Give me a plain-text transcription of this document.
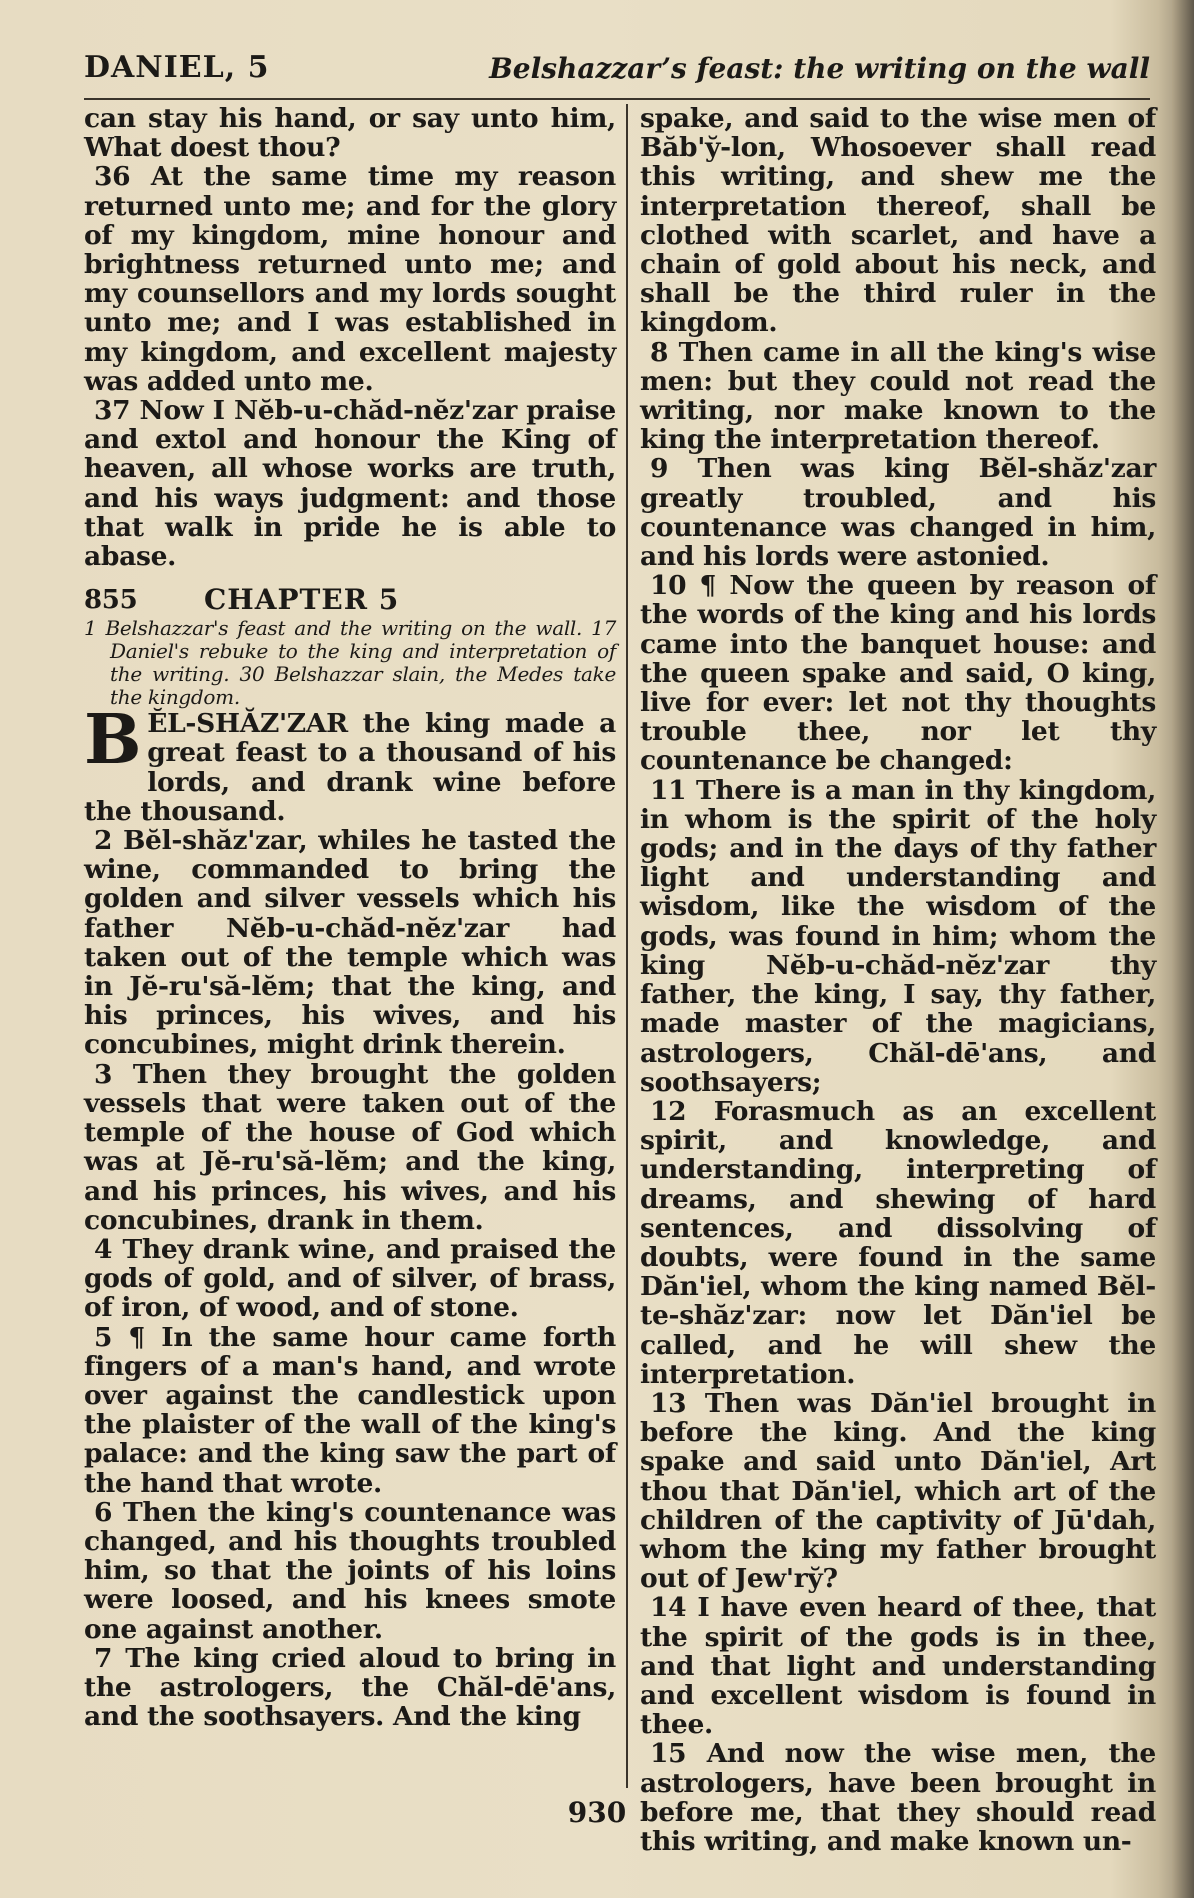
DANIEL, 5	Belshazzar’s feast: the writing on the wall

can stay his hand, or say unto him, What doest thou?

36 At the same time my reason returned unto me; and for the glory of my kingdom, mine honour and brightness returned unto me; and my counsellors and my lords sought unto me; and I was established in my kingdom, and excellent majesty was added unto me.

37 Now I Nĕb-u-chăd-nĕz'zar praise and extol and honour the King of heaven, all whose works are truth, and his ways judgment: and those that walk in pride he is able to abase.

855	CHAPTER 5

1 Belshazzar's feast and the writing on the wall. 17 Daniel's rebuke to the king and interpretation of the writing. 30 Belshazzar slain, the Medes take the kingdom.

BĔL-SHĂZ'ZAR the king made a great feast to a thousand of his lords, and drank wine before the thousand.

2 Bĕl-shăz'zar, whiles he tasted the wine, commanded to bring the golden and silver vessels which his father Nĕb-u-chăd-nĕz'zar had taken out of the temple which was in Jĕ-ru'să-lĕm; that the king, and his princes, his wives, and his concubines, might drink therein.

3 Then they brought the golden vessels that were taken out of the temple of the house of God which was at Jĕ-ru'să-lĕm; and the king, and his princes, his wives, and his concubines, drank in them.

4 They drank wine, and praised the gods of gold, and of silver, of brass, of iron, of wood, and of stone.

5 ¶ In the same hour came forth fingers of a man's hand, and wrote over against the candlestick upon the plaister of the wall of the king's palace: and the king saw the part of the hand that wrote.

6 Then the king's countenance was changed, and his thoughts troubled him, so that the joints of his loins were loosed, and his knees smote one against another.

7 The king cried aloud to bring in the astrologers, the Chăl-dē'ans, and the soothsayers. And the king

spake, and said to the wise men of Băb'y̆-lon, Whosoever shall read this writing, and shew me the interpretation thereof, shall be clothed with scarlet, and have a chain of gold about his neck, and shall be the third ruler in the kingdom.

8 Then came in all the king's wise men: but they could not read the writing, nor make known to the king the interpretation thereof.

9 Then was king Bĕl-shăz'zar greatly troubled, and his countenance was changed in him, and his lords were astonied.

10 ¶ Now the queen by reason of the words of the king and his lords came into the banquet house: and the queen spake and said, O king, live for ever: let not thy thoughts trouble thee, nor let thy countenance be changed:

11 There is a man in thy kingdom, in whom is the spirit of the holy gods; and in the days of thy father light and understanding and wisdom, like the wisdom of the gods, was found in him; whom the king Nĕb-u-chăd-nĕz'zar thy father, the king, I say, thy father, made master of the magicians, astrologers, Chăl-dē'ans, and soothsayers;

12 Forasmuch as an excellent spirit, and knowledge, and understanding, interpreting of dreams, and shewing of hard sentences, and dissolving of doubts, were found in the same Dăn'iel, whom the king named Bĕl-te-shăz'zar: now let Dăn'iel be called, and he will shew the interpretation.

13 Then was Dăn'iel brought in before the king. And the king spake and said unto Dăn'iel, Art thou that Dăn'iel, which art of the children of the captivity of Jū'dah, whom the king my father brought out of Jew'ry̆?

14 I have even heard of thee, that the spirit of the gods is in thee, and that light and understanding and excellent wisdom is found in thee.

15 And now the wise men, the astrologers, have been brought in before me, that they should read this writing, and make known un-

930
